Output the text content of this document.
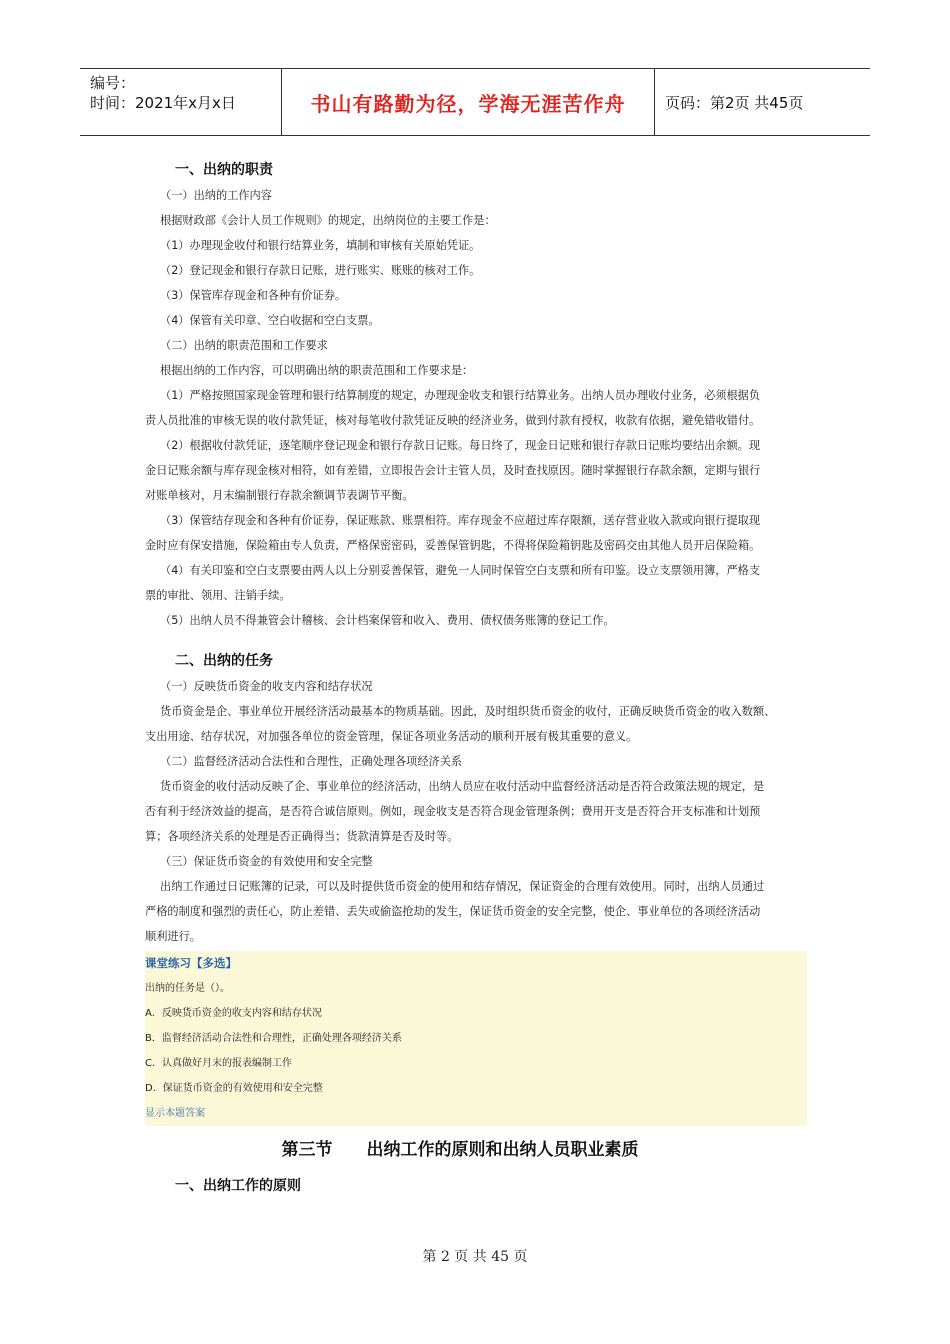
编号：
时间：2021年x月x日	书山有路勤为径，学海无涯苦作舟	页码：第2页 共45页
一、出纳的职责
（一）出纳的工作内容
根据财政部《会计人员工作规则》的规定，出纳岗位的主要工作是：
（1）办理现金收付和银行结算业务，填制和审核有关原始凭证。
（2）登记现金和银行存款日记账，进行账实、账账的核对工作。
（3）保管库存现金和各种有价证券。
（4）保管有关印章、空白收据和空白支票。
（二）出纳的职责范围和工作要求
根据出纳的工作内容，可以明确出纳的职责范围和工作要求是：
（1）严格按照国家现金管理和银行结算制度的规定，办理现金收支和银行结算业务。出纳人员办理收付业务，必须根据负
责人员批准的审核无误的收付款凭证，核对每笔收付款凭证反映的经济业务，做到付款有授权，收款有依据，避免错收错付。
（2）根据收付款凭证，逐笔顺序登记现金和银行存款日记账。每日终了，现金日记账和银行存款日记账均要结出余额。现
金日记账余额与库存现金核对相符，如有差错，立即报告会计主管人员，及时查找原因。随时掌握银行存款余额，定期与银行
对账单核对，月末编制银行存款余额调节表调节平衡。
（3）保管结存现金和各种有价证券，保证账款、账票相符。库存现金不应超过库存限额，送存营业收入款或向银行提取现
金时应有保安措施，保险箱由专人负责，严格保密密码，妥善保管钥匙，不得将保险箱钥匙及密码交由其他人员开启保险箱。
（4）有关印鉴和空白支票要由两人以上分别妥善保管，避免一人同时保管空白支票和所有印鉴。设立支票领用簿，严格支
票的审批、领用、注销手续。
（5）出纳人员不得兼管会计稽核、会计档案保管和收入、费用、债权债务账簿的登记工作。
二、出纳的任务
（一）反映货币资金的收支内容和结存状况
货币资金是企、事业单位开展经济活动最基本的物质基础。因此，及时组织货币资金的收付，正确反映货币资金的收入数额、
支出用途、结存状况，对加强各单位的资金管理，保证各项业务活动的顺利开展有极其重要的意义。
（二）监督经济活动合法性和合理性，正确处理各项经济关系
货币资金的收付活动反映了企、事业单位的经济活动，出纳人员应在收付活动中监督经济活动是否符合政策法规的规定，是
否有利于经济效益的提高，是否符合诚信原则。例如，现金收支是否符合现金管理条例；费用开支是否符合开支标准和计划预
算；各项经济关系的处理是否正确得当；货款清算是否及时等。
（三）保证货币资金的有效使用和安全完整
出纳工作通过日记账簿的记录，可以及时提供货币资金的使用和结存情况，保证资金的合理有效使用。同时，出纳人员通过
严格的制度和强烈的责任心，防止差错、丢失或偷盗抢劫的发生，保证货币资金的安全完整，使企、事业单位的各项经济活动
顺利进行。
课堂练习【多选】
出纳的任务是（）。
A．反映货币资金的收支内容和结存状况
B．监督经济活动合法性和合理性，正确处理各项经济关系
C．认真做好月末的报表编制工作
D．保证货币资金的有效使用和安全完整
显示本题答案
第三节　　出纳工作的原则和出纳人员职业素质
一、出纳工作的原则
第 2 页 共 45 页
